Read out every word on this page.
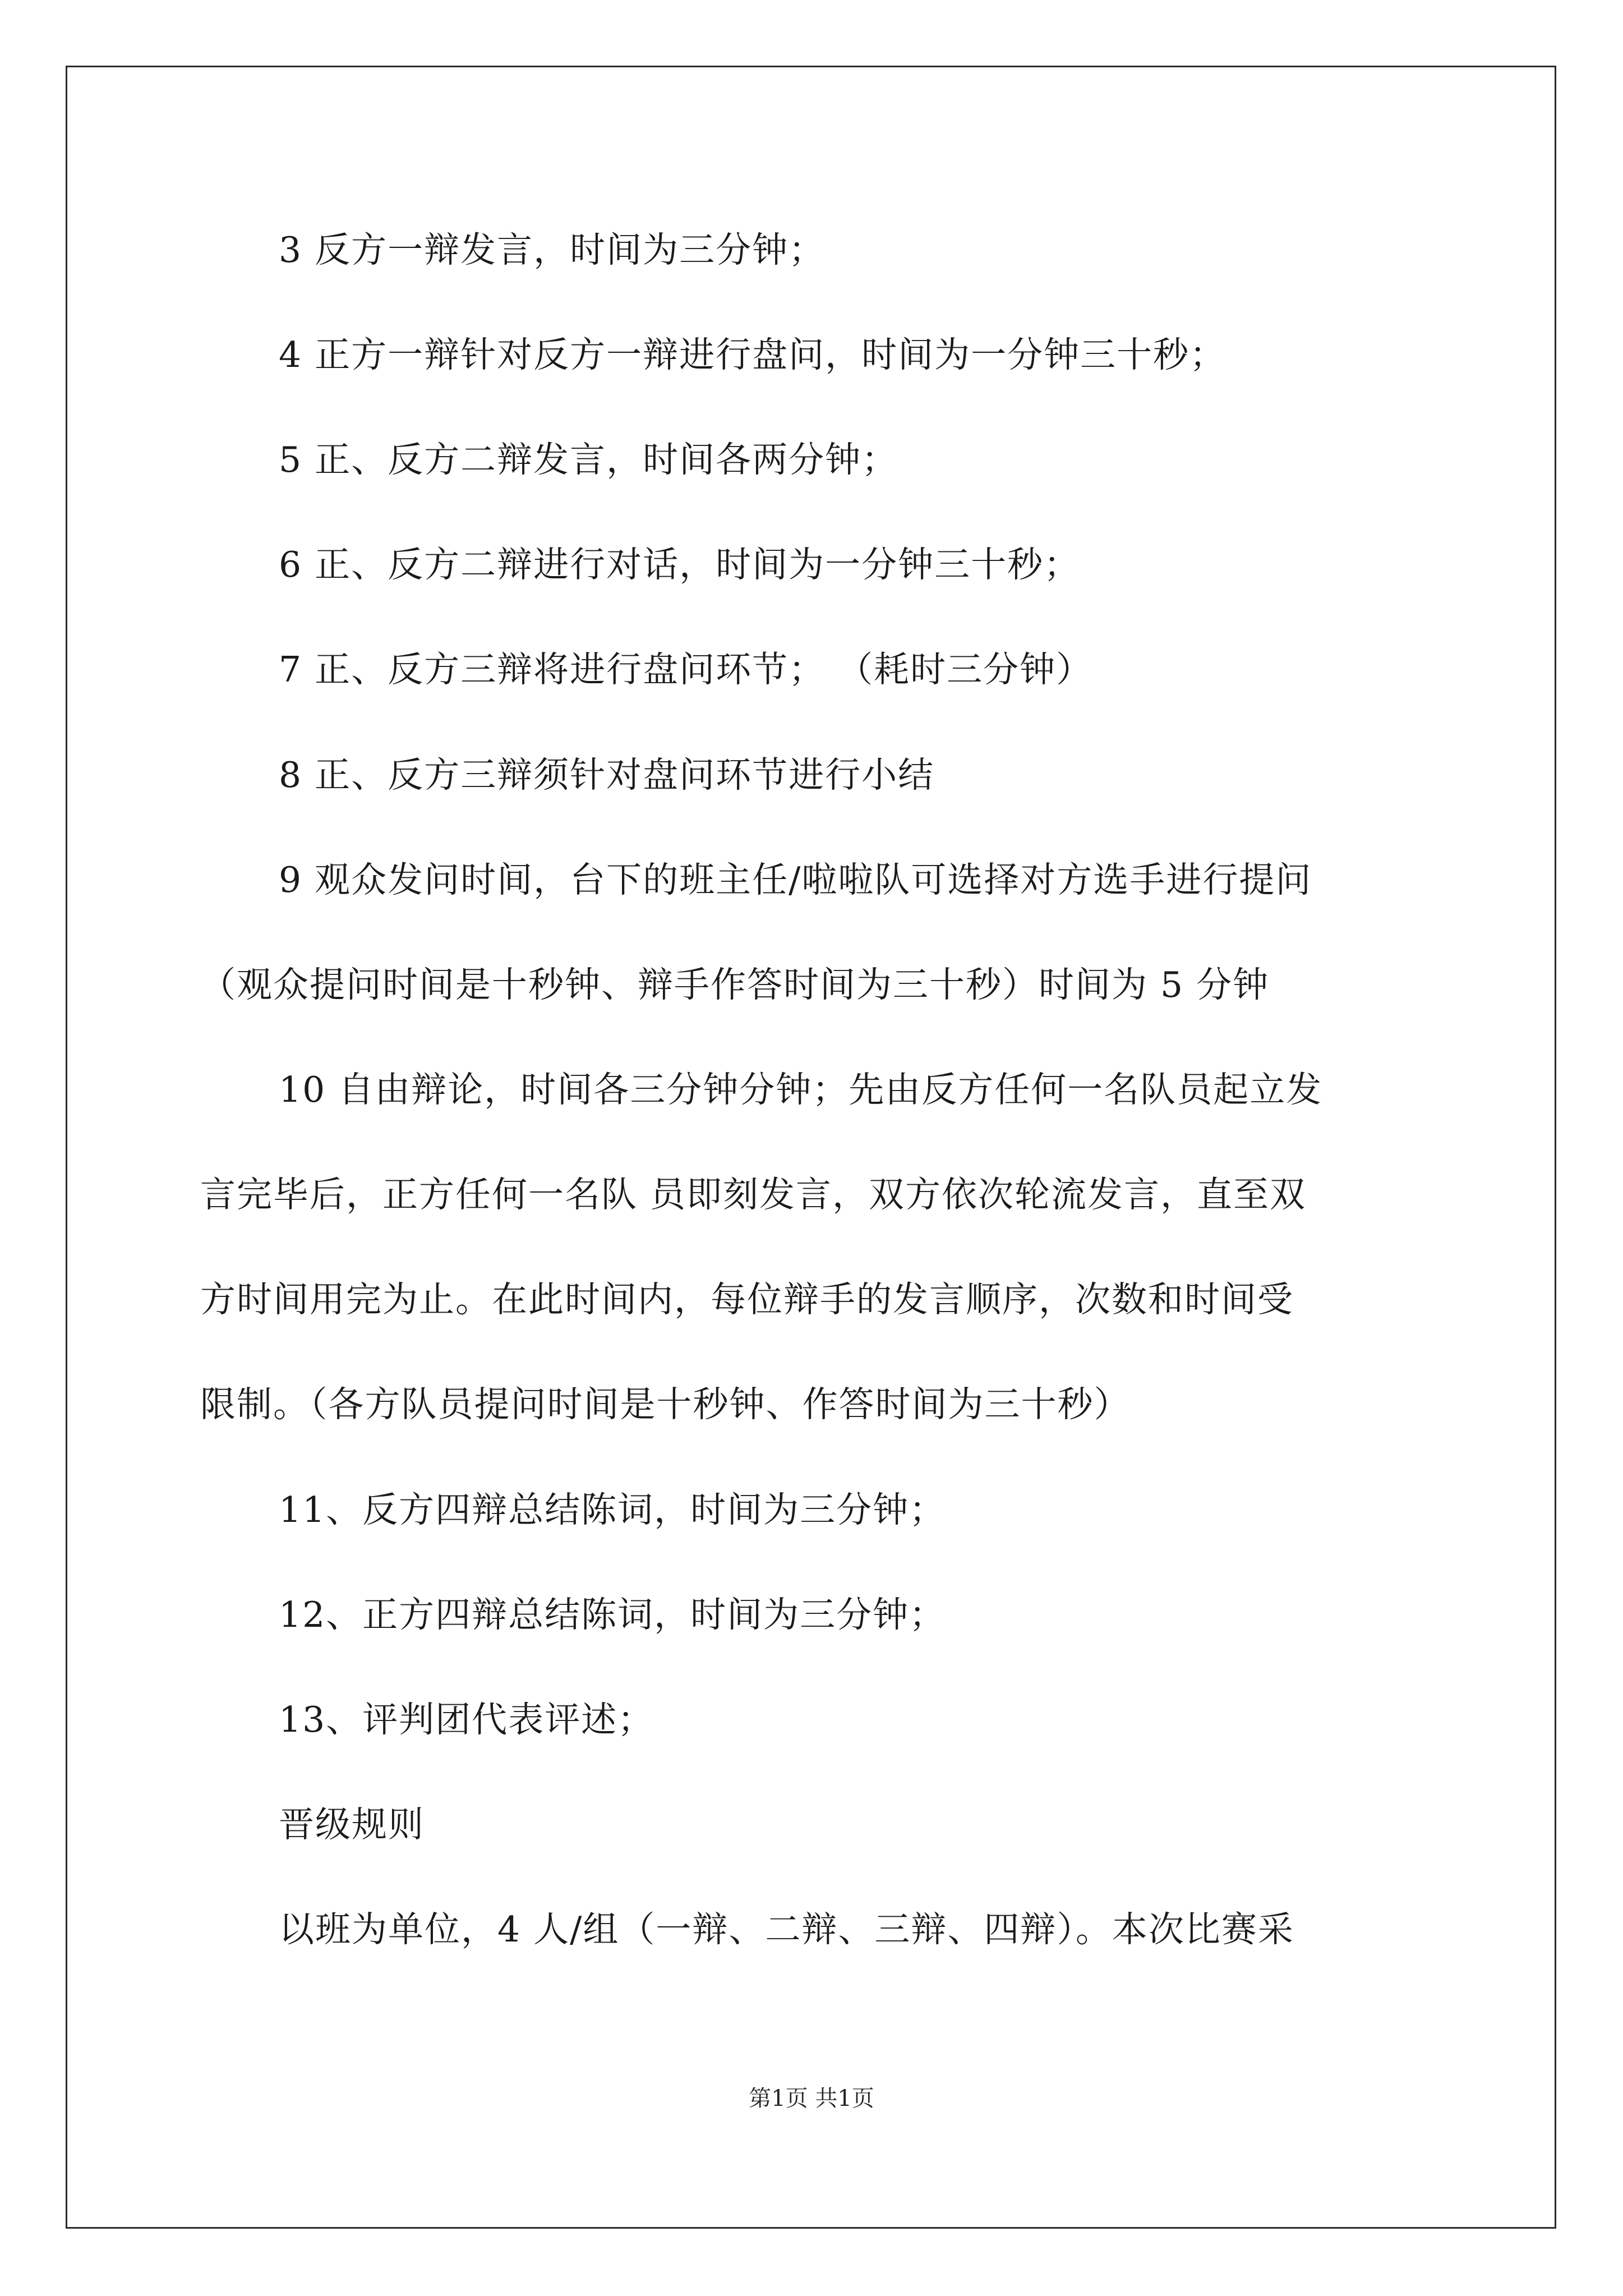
3 反方一辩发言，时间为三分钟；
4 正方一辩针对反方一辩进行盘问，时间为一分钟三十秒；
5 正、反方二辩发言，时间各两分钟；
6 正、反方二辩进行对话，时间为一分钟三十秒；
7 正、反方三辩将进行盘问环节； （耗时三分钟）
8 正、反方三辩须针对盘问环节进行小结
9 观众发问时间，台下的班主任/啦啦队可选择对方选手进行提问
（观众提问时间是十秒钟、辩手作答时间为三十秒）时间为 5 分钟
10 自由辩论，时间各三分钟分钟；先由反方任何一名队员起立发
言完毕后，正方任何一名队 员即刻发言，双方依次轮流发言，直至双
方时间用完为止。在此时间内，每位辩手的发言顺序，次数和时间受
限制。（各方队员提问时间是十秒钟、作答时间为三十秒）
11、反方四辩总结陈词，时间为三分钟；
12、正方四辩总结陈词，时间为三分钟；
13、评判团代表评述；
晋级规则
以班为单位，4 人/组（一辩、二辩、三辩、四辩）。本次比赛采
第1页 共1页
